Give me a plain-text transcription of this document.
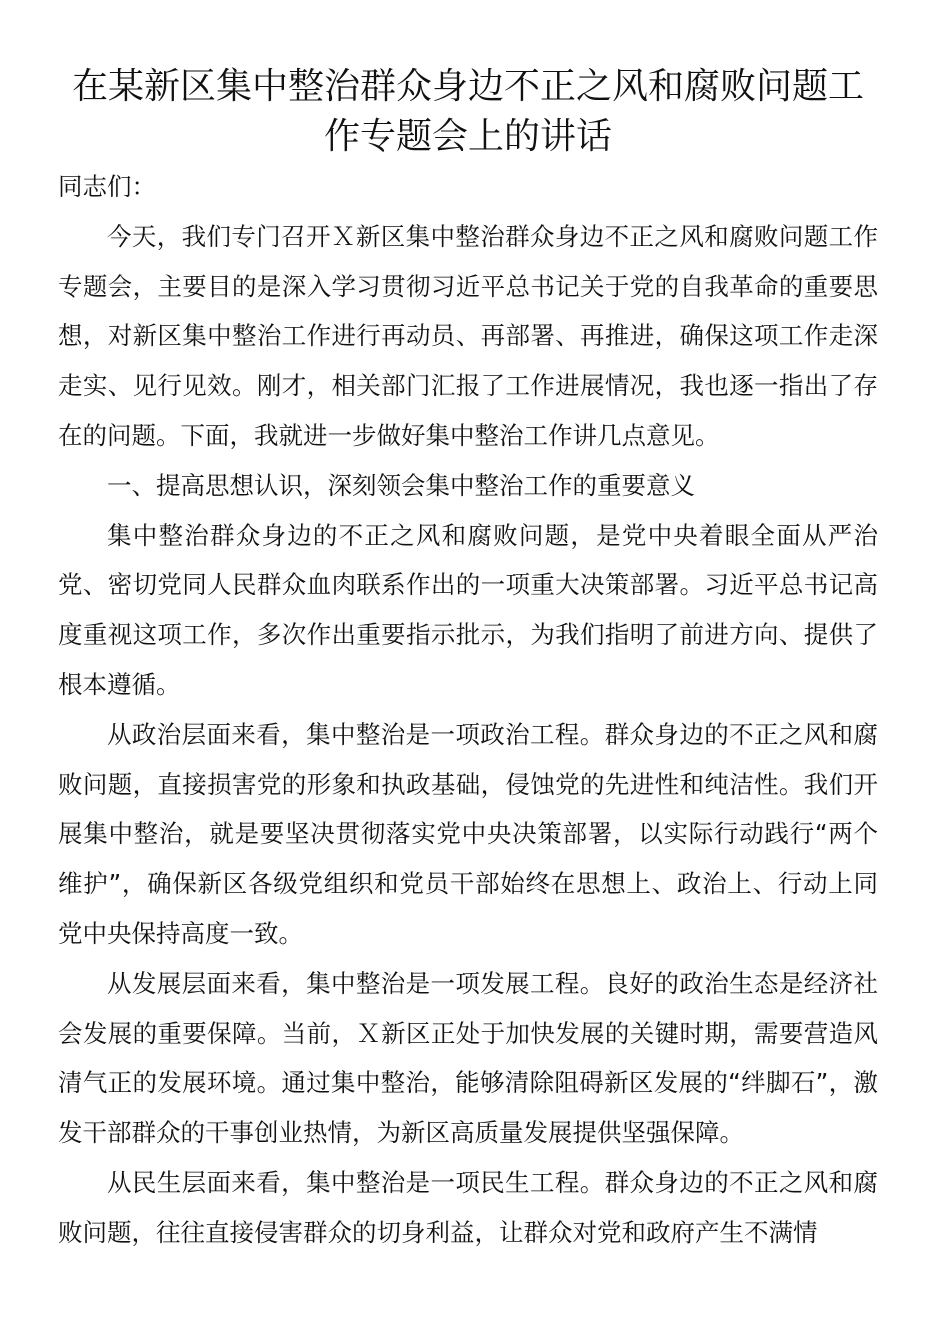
在某新区集中整治群众身边不正之风和腐败问题工作专题会上的讲话

同志们：

今天，我们专门召开Ｘ新区集中整治群众身边不正之风和腐败问题工作专题会，主要目的是深入学习贯彻习近平总书记关于党的自我革命的重要思想，对新区集中整治工作进行再动员、再部署、再推进，确保这项工作走深走实、见行见效。刚才，相关部门汇报了工作进展情况，我也逐一指出了存在的问题。下面，我就进一步做好集中整治工作讲几点意见。

一、提高思想认识，深刻领会集中整治工作的重要意义

集中整治群众身边的不正之风和腐败问题，是党中央着眼全面从严治党、密切党同人民群众血肉联系作出的一项重大决策部署。习近平总书记高度重视这项工作，多次作出重要指示批示，为我们指明了前进方向、提供了根本遵循。

从政治层面来看，集中整治是一项政治工程。群众身边的不正之风和腐败问题，直接损害党的形象和执政基础，侵蚀党的先进性和纯洁性。我们开展集中整治，就是要坚决贯彻落实党中央决策部署，以实际行动践行“两个维护”，确保新区各级党组织和党员干部始终在思想上、政治上、行动上同党中央保持高度一致。

从发展层面来看，集中整治是一项发展工程。良好的政治生态是经济社会发展的重要保障。当前，Ｘ新区正处于加快发展的关键时期，需要营造风清气正的发展环境。通过集中整治，能够清除阻碍新区发展的“绊脚石”，激发干部群众的干事创业热情，为新区高质量发展提供坚强保障。

从民生层面来看，集中整治是一项民生工程。群众身边的不正之风和腐败问题，往往直接侵害群众的切身利益，让群众对党和政府产生不满情
